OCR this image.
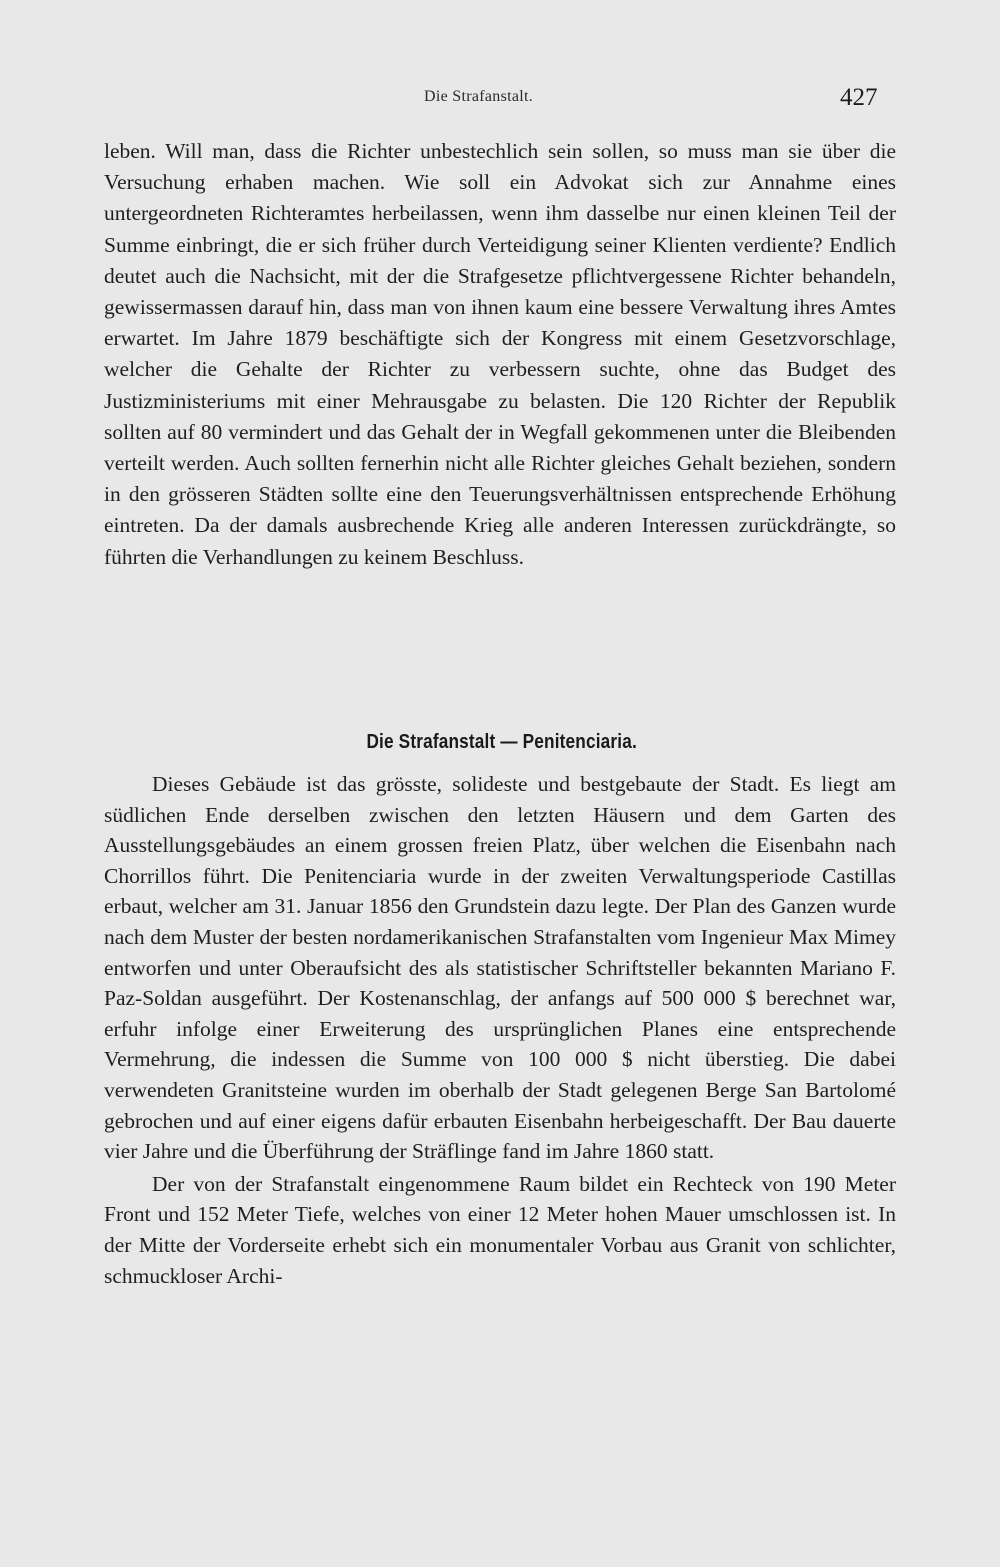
Die Strafanstalt.	427

leben. Will man, dass die Richter unbestechlich sein sollen, so muss man sie über die Versuchung erhaben machen. Wie soll ein Advokat sich zur Annahme eines untergeordneten Richteramtes herbeilassen, wenn ihm dasselbe nur einen kleinen Teil der Summe einbringt, die er sich früher durch Verteidigung seiner Klienten verdiente? Endlich deutet auch die Nachsicht, mit der die Strafgesetze pflichtvergessene Richter behandeln, gewissermassen darauf hin, dass man von ihnen kaum eine bessere Verwaltung ihres Amtes erwartet. Im Jahre 1879 beschäftigte sich der Kongress mit einem Gesetzvorschlage, welcher die Gehalte der Richter zu verbessern suchte, ohne das Budget des Justizministeriums mit einer Mehrausgabe zu belasten. Die 120 Richter der Republik sollten auf 80 vermindert und das Gehalt der in Wegfall gekommenen unter die Bleibenden verteilt werden. Auch sollten fernerhin nicht alle Richter gleiches Gehalt beziehen, sondern in den grösseren Städten sollte eine den Teuerungsverhältnissen entsprechende Erhöhung eintreten. Da der damals ausbrechende Krieg alle anderen Interessen zurückdrängte, so führten die Verhandlungen zu keinem Beschluss.

Die Strafanstalt — Penitenciaria.

Dieses Gebäude ist das grösste, solideste und bestgebaute der Stadt. Es liegt am südlichen Ende derselben zwischen den letzten Häusern und dem Garten des Ausstellungsgebäudes an einem grossen freien Platz, über welchen die Eisenbahn nach Chorrillos führt. Die Penitenciaria wurde in der zweiten Verwaltungsperiode Castillas erbaut, welcher am 31. Januar 1856 den Grundstein dazu legte. Der Plan des Ganzen wurde nach dem Muster der besten nordamerikanischen Strafanstalten vom Ingenieur Max Mimey entworfen und unter Oberaufsicht des als statistischer Schriftsteller bekannten Mariano F. Paz-Soldan ausgeführt. Der Kostenanschlag, der anfangs auf 500 000 $ berechnet war, erfuhr infolge einer Erweiterung des ursprünglichen Planes eine entsprechende Vermehrung, die indessen die Summe von 100 000 $ nicht überstieg. Die dabei verwendeten Granitsteine wurden im oberhalb der Stadt gelegenen Berge San Bartolomé gebrochen und auf einer eigens dafür erbauten Eisenbahn herbeigeschafft. Der Bau dauerte vier Jahre und die Überführung der Sträflinge fand im Jahre 1860 statt.

Der von der Strafanstalt eingenommene Raum bildet ein Rechteck von 190 Meter Front und 152 Meter Tiefe, welches von einer 12 Meter hohen Mauer umschlossen ist. In der Mitte der Vorderseite erhebt sich ein monumentaler Vorbau aus Granit von schlichter, schmuckloser Archi-
